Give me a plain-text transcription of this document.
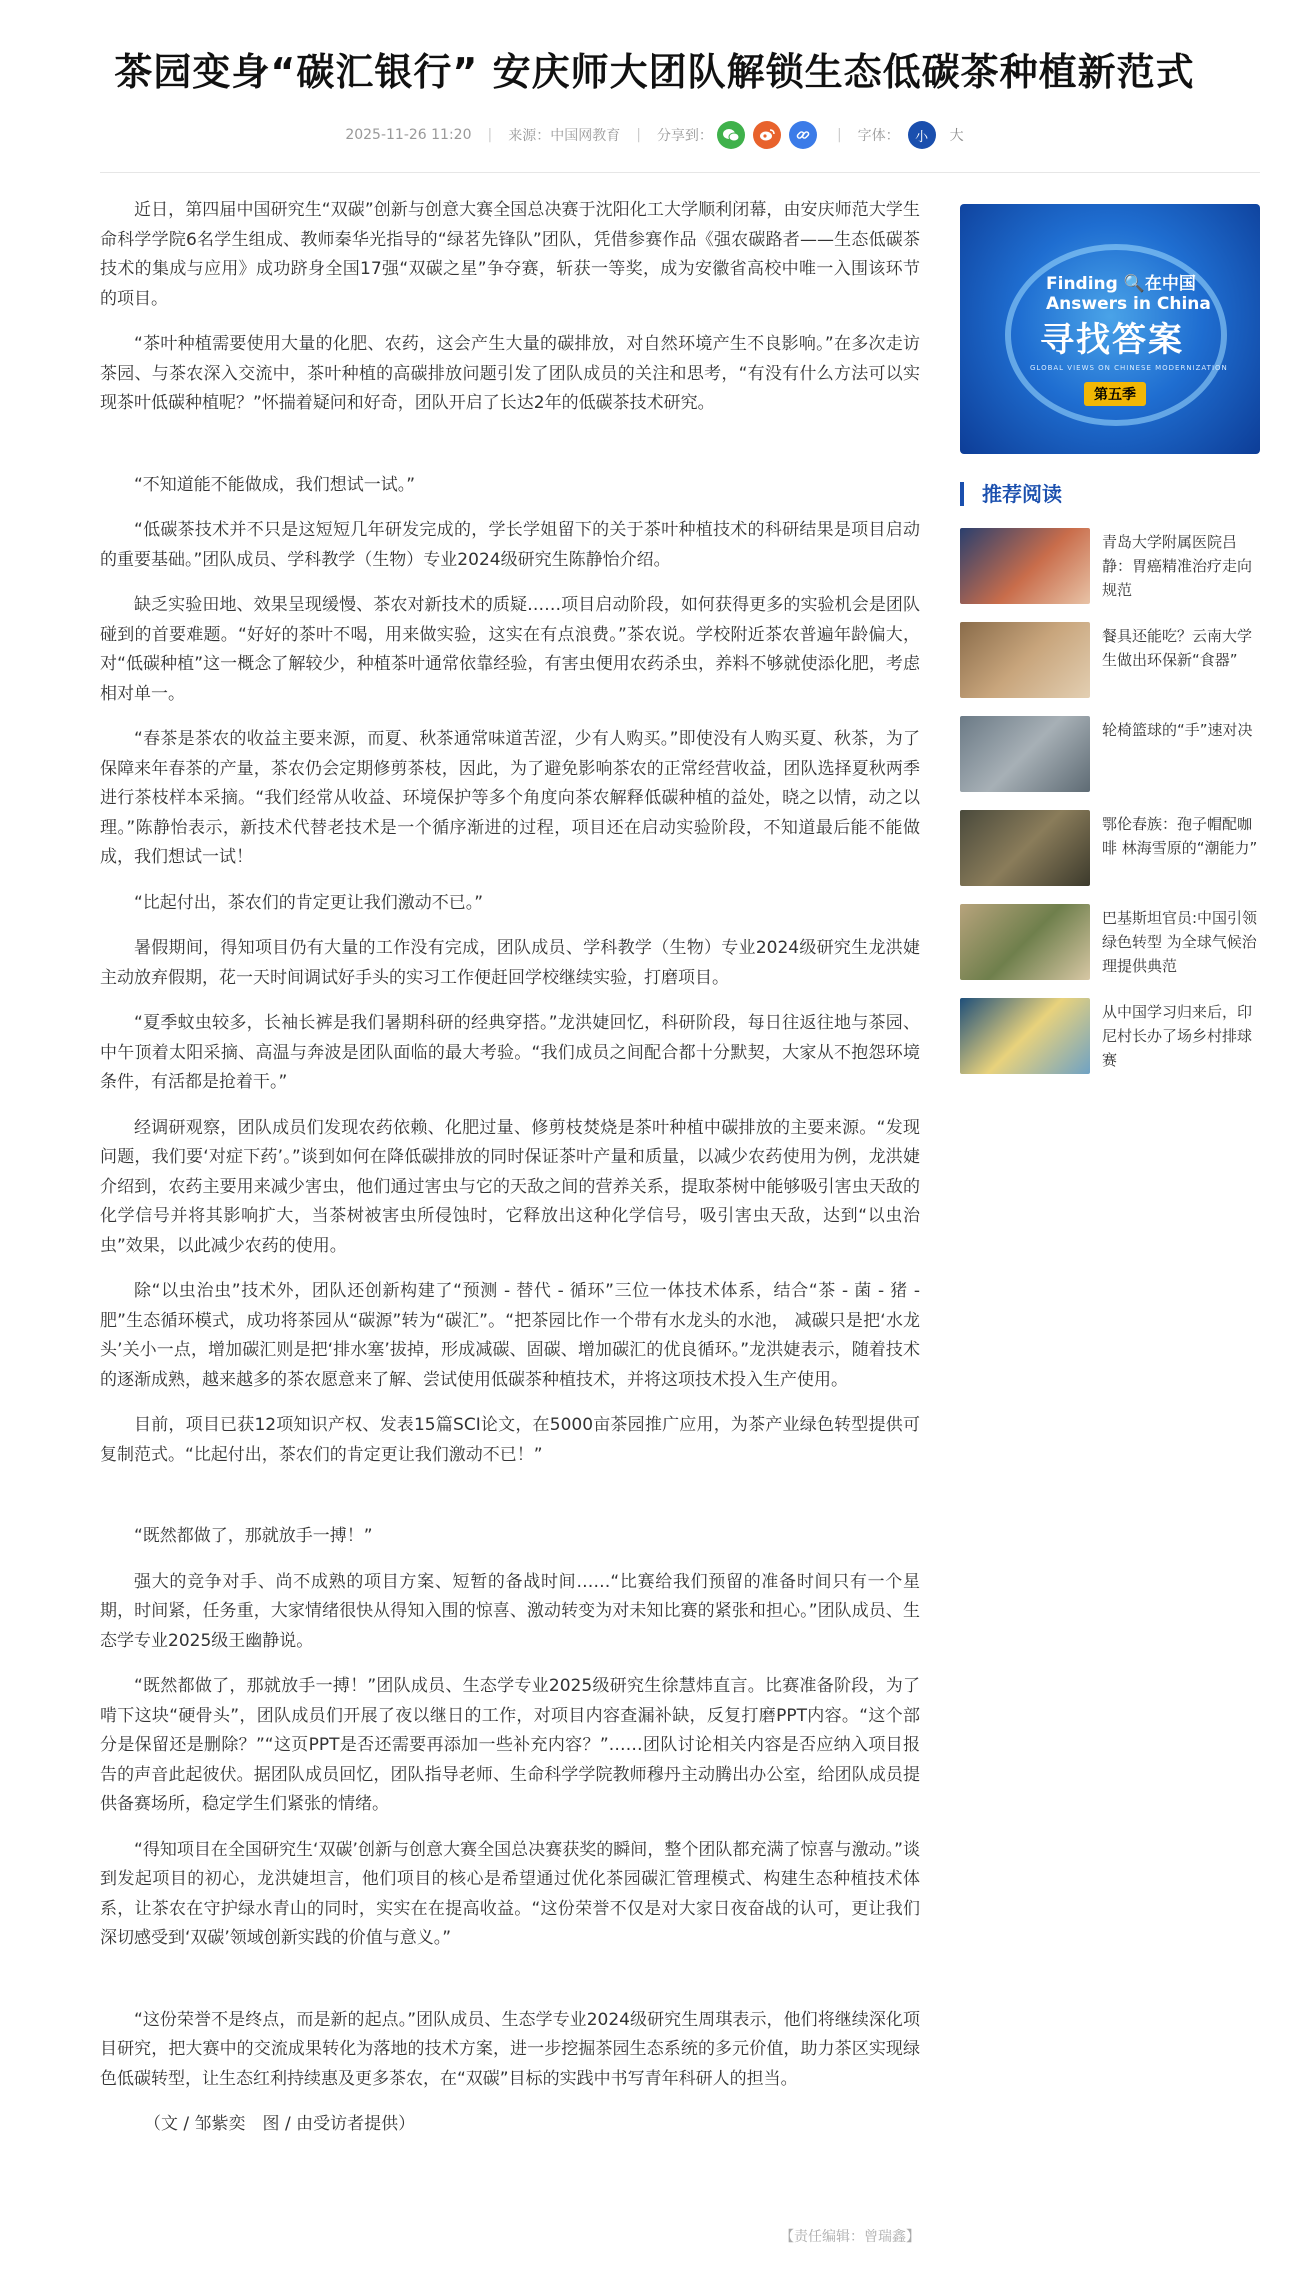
茶园变身“碳汇银行” 安庆师大团队解锁生态低碳茶种植新范式
2025-11-26 11:20 | 来源：中国网教育 | 分享到：	| 字体：	小	大

近日，第四届中国研究生“双碳”创新与创意大赛全国总决赛于沈阳化工大学顺利闭幕，由安庆师范大学生命科学学院6名学生组成、教师秦华光指导的“绿茗先锋队”团队，凭借参赛作品《强农碳路者——生态低碳茶技术的集成与应用》成功跻身全国17强“双碳之星”争夺赛，斩获一等奖，成为安徽省高校中唯一入围该环节的项目。

“茶叶种植需要使用大量的化肥、农药，这会产生大量的碳排放，对自然环境产生不良影响。”在多次走访茶园、与茶农深入交流中，茶叶种植的高碳排放问题引发了团队成员的关注和思考，“有没有什么方法可以实现茶叶低碳种植呢？”怀揣着疑问和好奇，团队开启了长达2年的低碳茶技术研究。

“不知道能不能做成，我们想试一试。”

“低碳茶技术并不只是这短短几年研发完成的，学长学姐留下的关于茶叶种植技术的科研结果是项目启动的重要基础。”团队成员、学科教学（生物）专业2024级研究生陈静怡介绍。

缺乏实验田地、效果呈现缓慢、茶农对新技术的质疑……项目启动阶段，如何获得更多的实验机会是团队碰到的首要难题。“好好的茶叶不喝，用来做实验，这实在有点浪费。”茶农说。学校附近茶农普遍年龄偏大，对“低碳种植”这一概念了解较少，种植茶叶通常依靠经验，有害虫便用农药杀虫，养料不够就使添化肥，考虑相对单一。

“春茶是茶农的收益主要来源，而夏、秋茶通常味道苦涩，少有人购买。”即使没有人购买夏、秋茶，为了保障来年春茶的产量，茶农仍会定期修剪茶枝，因此，为了避免影响茶农的正常经营收益，团队选择夏秋两季进行茶枝样本采摘。“我们经常从收益、环境保护等多个角度向茶农解释低碳种植的益处，晓之以情，动之以理。”陈静怡表示，新技术代替老技术是一个循序渐进的过程，项目还在启动实验阶段，不知道最后能不能做成，我们想试一试！

“比起付出，茶农们的肯定更让我们激动不已。”

暑假期间，得知项目仍有大量的工作没有完成，团队成员、学科教学（生物）专业2024级研究生龙洪婕主动放弃假期，花一天时间调试好手头的实习工作便赶回学校继续实验，打磨项目。

“夏季蚊虫较多，长袖长裤是我们暑期科研的经典穿搭。”龙洪婕回忆，科研阶段，每日往返往地与茶园、中午顶着太阳采摘、高温与奔波是团队面临的最大考验。“我们成员之间配合都十分默契，大家从不抱怨环境条件，有活都是抢着干。”

经调研观察，团队成员们发现农药依赖、化肥过量、修剪枝焚烧是茶叶种植中碳排放的主要来源。“发现问题，我们要‘对症下药’。”谈到如何在降低碳排放的同时保证茶叶产量和质量，以减少农药使用为例，龙洪婕介绍到，农药主要用来减少害虫，他们通过害虫与它的天敌之间的营养关系，提取茶树中能够吸引害虫天敌的化学信号并将其影响扩大，当茶树被害虫所侵蚀时，它释放出这种化学信号，吸引害虫天敌，达到“以虫治虫”效果，以此减少农药的使用。

除“以虫治虫”技术外，团队还创新构建了“预测 - 替代 - 循环”三位一体技术体系，结合“茶 - 菌 - 猪 - 肥”生态循环模式，成功将茶园从“碳源”转为“碳汇”。“把茶园比作一个带有水龙头的水池， 减碳只是把‘水龙头’关小一点，增加碳汇则是把‘排水塞’拔掉，形成减碳、固碳、增加碳汇的优良循环。”龙洪婕表示，随着技术的逐渐成熟，越来越多的茶农愿意来了解、尝试使用低碳茶种植技术，并将这项技术投入生产使用。

目前，项目已获12项知识产权、发表15篇SCI论文，在5000亩茶园推广应用，为茶产业绿色转型提供可复制范式。“比起付出，茶农们的肯定更让我们激动不已！”

“既然都做了，那就放手一搏！”

强大的竞争对手、尚不成熟的项目方案、短暂的备战时间……“比赛给我们预留的准备时间只有一个星期，时间紧，任务重，大家情绪很快从得知入围的惊喜、激动转变为对未知比赛的紧张和担心。”团队成员、生态学专业2025级王幽静说。

“既然都做了，那就放手一搏！”团队成员、生态学专业2025级研究生徐慧炜直言。比赛准备阶段，为了啃下这块“硬骨头”，团队成员们开展了夜以继日的工作，对项目内容查漏补缺，反复打磨PPT内容。“这个部分是保留还是删除？”“这页PPT是否还需要再添加一些补充内容？”……团队讨论相关内容是否应纳入项目报告的声音此起彼伏。据团队成员回忆，团队指导老师、生命科学学院教师穆丹主动腾出办公室，给团队成员提供备赛场所，稳定学生们紧张的情绪。

“得知项目在全国研究生‘双碳’创新与创意大赛全国总决赛获奖的瞬间，整个团队都充满了惊喜与激动。”谈到发起项目的初心，龙洪婕坦言，他们项目的核心是希望通过优化茶园碳汇管理模式、构建生态种植技术体系，让茶农在守护绿水青山的同时，实实在在提高收益。“这份荣誉不仅是对大家日夜奋战的认可，更让我们深切感受到‘双碳’领域创新实践的价值与意义。”

“这份荣誉不是终点，而是新的起点。”团队成员、生态学专业2024级研究生周琪表示，他们将继续深化项目研究，把大赛中的交流成果转化为落地的技术方案，进一步挖掘茶园生态系统的多元价值，助力茶区实现绿色低碳转型，让生态红利持续惠及更多茶农，在“双碳”目标的实践中书写青年科研人的担当。

（文 / 邹紫奕　图 / 由受访者提供）

【责任编辑：曾瑞鑫】
Finding 🔍在中国
Answers in China
寻找答案
GLOBAL VIEWS ON CHINESE MODERNIZATION
第五季
推荐阅读
青岛大学附属医院吕静：胃癌精准治疗走向规范
餐具还能吃？云南大学生做出环保新“食器”
轮椅篮球的“手”速对决
鄂伦春族：孢子帽配咖啡 林海雪原的“潮能力”
巴基斯坦官员:中国引领绿色转型 为全球气候治理提供典范
从中国学习归来后，印尼村长办了场乡村排球赛
